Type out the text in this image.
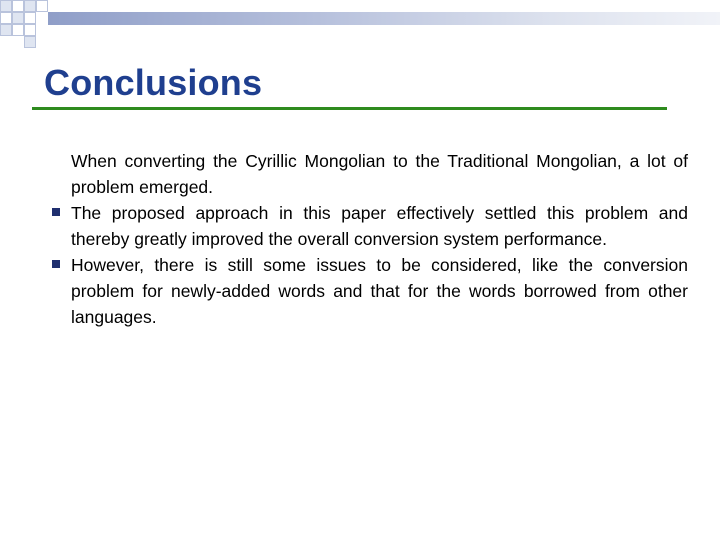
Conclusions
When converting the Cyrillic Mongolian to the Traditional Mongolian, a lot of problem emerged.
The proposed approach in this paper effectively settled this problem and thereby greatly improved the overall conversion system performance.
However, there is still some issues to be considered, like the conversion problem for newly-added words and that for the words borrowed from other languages.
